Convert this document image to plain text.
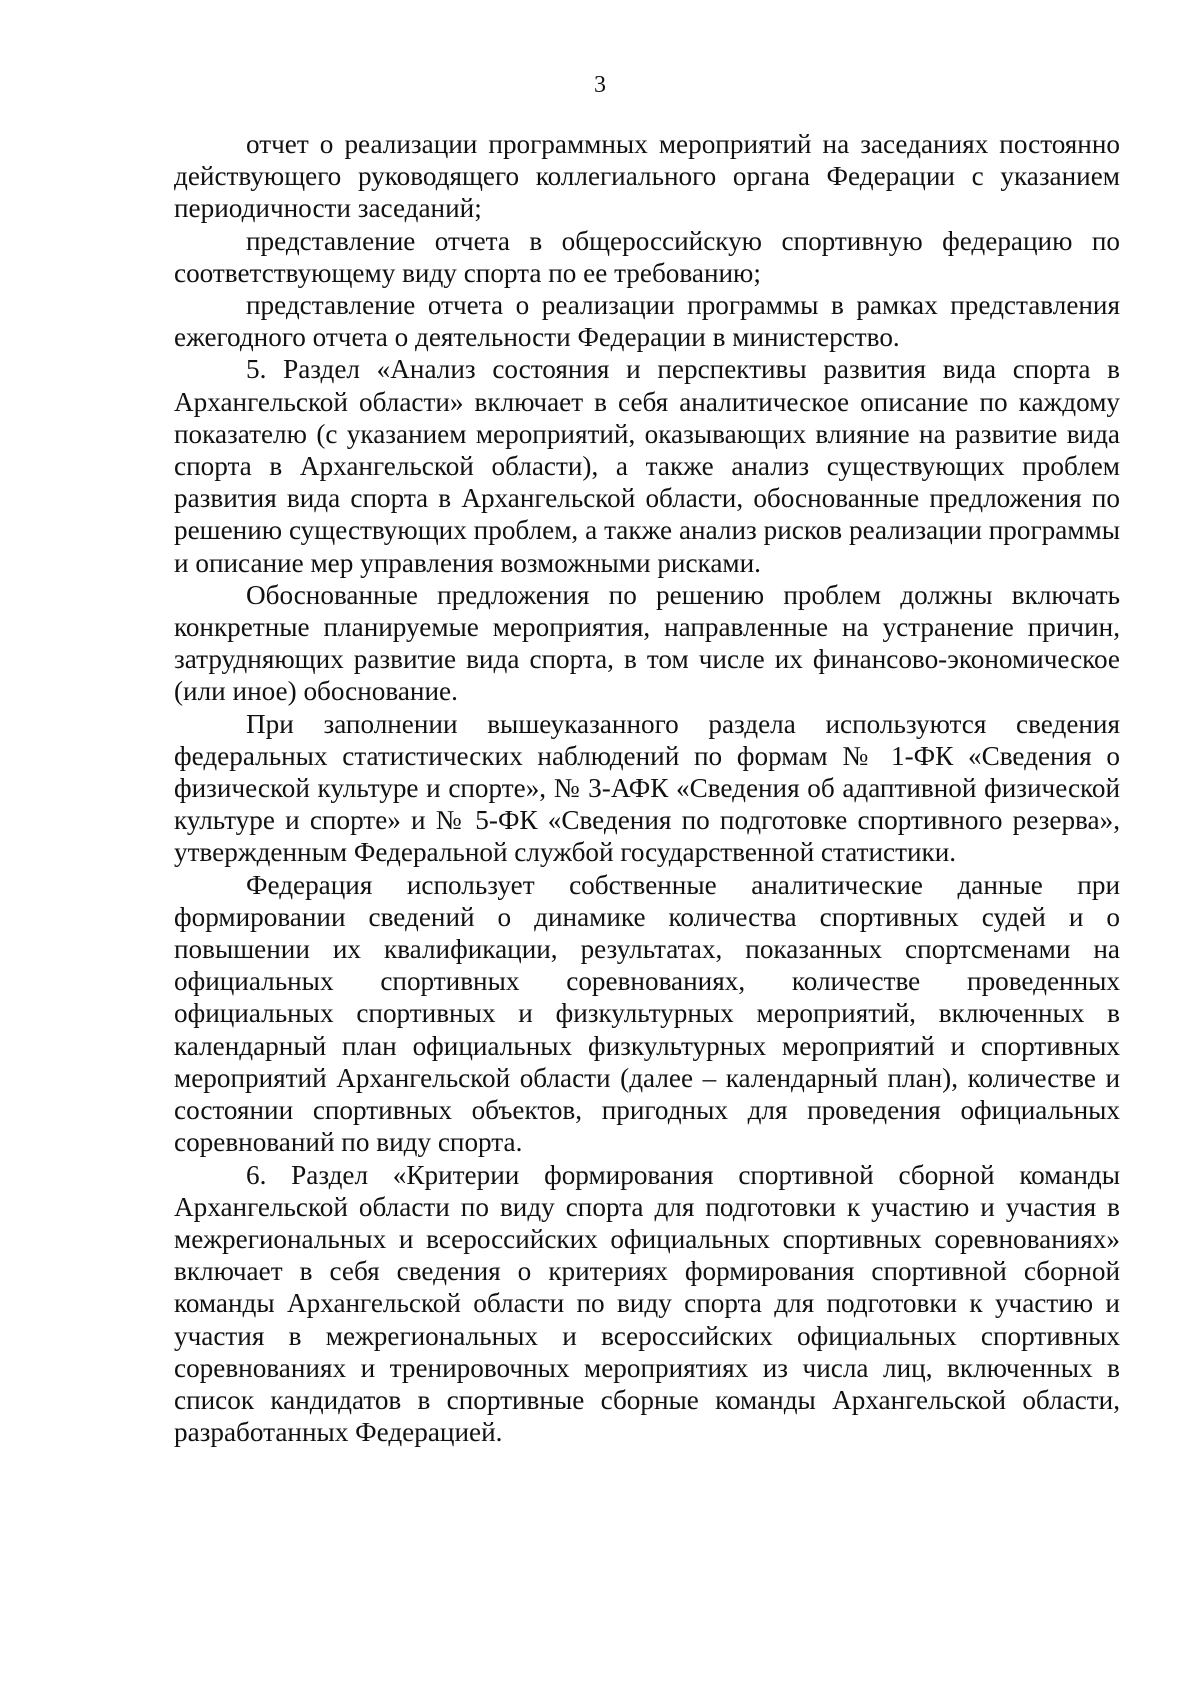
3

отчет о реализации программных мероприятий на заседаниях постоянно действующего руководящего коллегиального органа Федерации с указанием периодичности заседаний;

представление отчета в общероссийскую спортивную федерацию по соответствующему виду спорта по ее требованию;

представление отчета о реализации программы в рамках представления ежегодного отчета о деятельности Федерации в министерство.

5. Раздел «Анализ состояния и перспективы развития вида спорта в Архангельской области» включает в себя аналитическое описание по каждому показателю (с указанием мероприятий, оказывающих влияние на развитие вида спорта в Архангельской области), а также анализ существующих проблем развития вида спорта в Архангельской области, обоснованные предложения по решению существующих проблем, а также анализ рисков реализации программы и описание мер управления возможными рисками.

Обоснованные предложения по решению проблем должны включать конкретные планируемые мероприятия, направленные на устранение причин, затрудняющих развитие вида спорта, в том числе их финансово-экономическое (или иное) обоснование.

При заполнении вышеуказанного раздела используются сведения федеральных статистических наблюдений по формам № 1-ФК «Сведения о физической культуре и спорте», № 3-АФК «Сведения об адаптивной физической культуре и спорте» и № 5-ФК «Сведения по подготовке спортивного резерва», утвержденным Федеральной службой государственной статистики.

Федерация использует собственные аналитические данные при формировании сведений о динамике количества спортивных судей и о повышении их квалификации, результатах, показанных спортсменами на официальных спортивных соревнованиях, количестве проведенных официальных спортивных и физкультурных мероприятий, включенных в календарный план официальных физкультурных мероприятий и спортивных мероприятий Архангельской области (далее – календарный план), количестве и состоянии спортивных объектов, пригодных для проведения официальных соревнований по виду спорта.

6. Раздел «Критерии формирования спортивной сборной команды Архангельской области по виду спорта для подготовки к участию и участия в межрегиональных и всероссийских официальных спортивных соревнованиях» включает в себя сведения о критериях формирования спортивной сборной команды Архангельской области по виду спорта для подготовки к участию и участия в межрегиональных и всероссийских официальных спортивных соревнованиях и тренировочных мероприятиях из числа лиц, включенных в список кандидатов в спортивные сборные команды Архангельской области, разработанных Федерацией.
